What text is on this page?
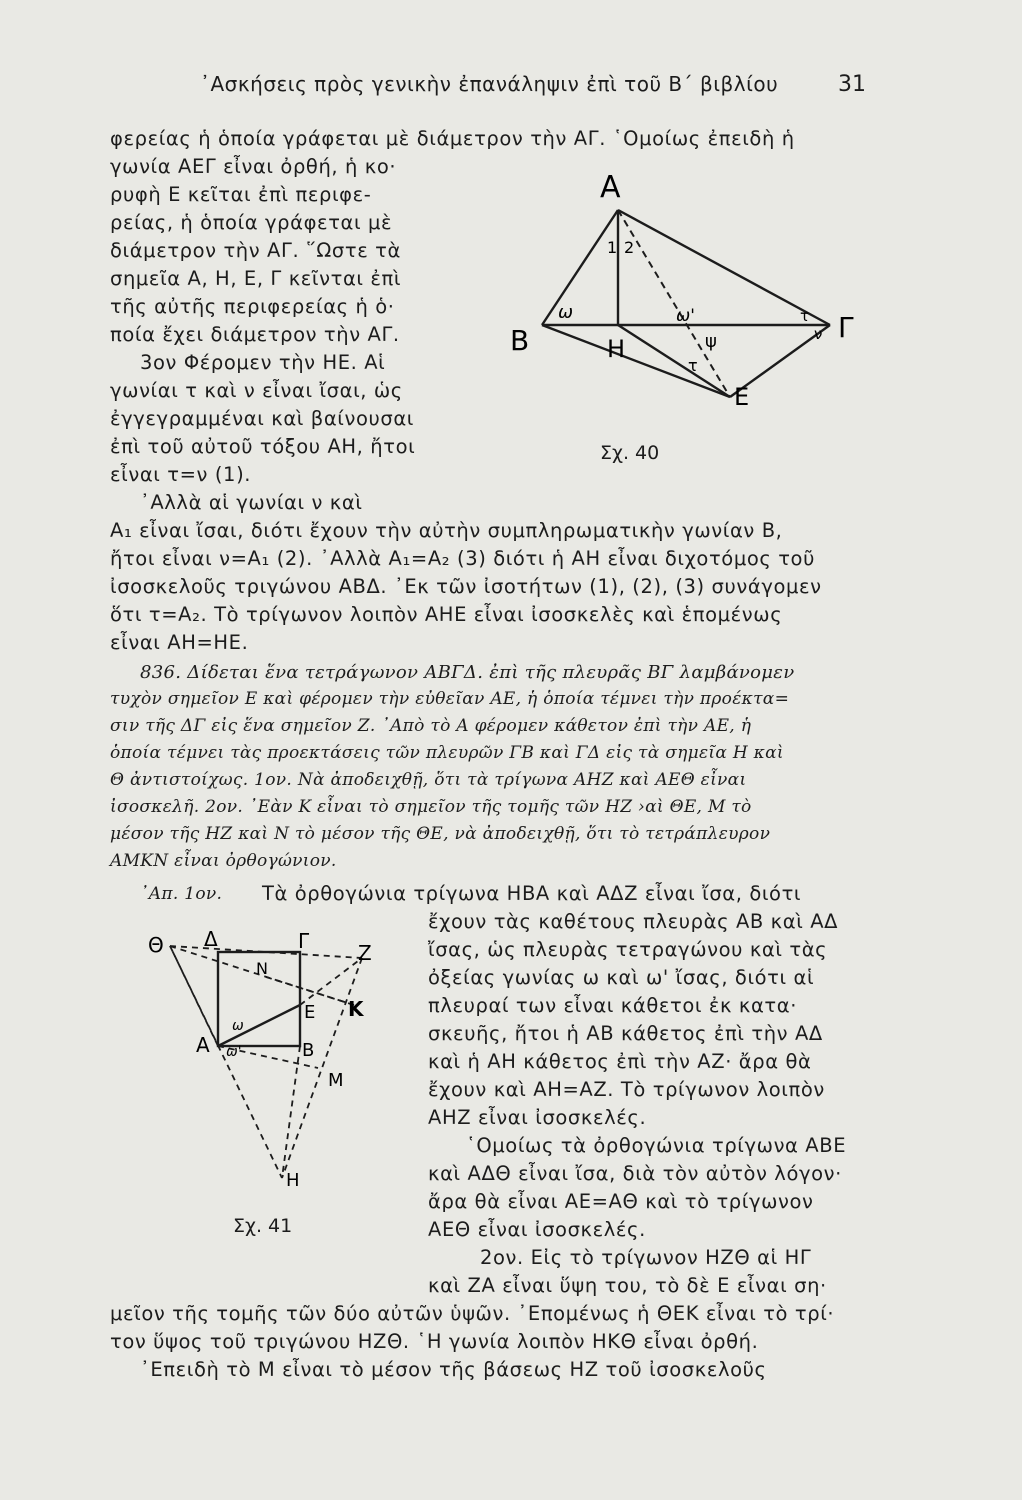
᾽Ασκήσεις πρὸς γενικὴν ἐπανάληψιν ἐπὶ τοῦ Β΄ βιβλίου	31
φερείας ἡ ὁποία γράφεται μὲ διάμετρον τὴν ΑΓ. ῾Ομοίως ἐπειδὴ ἡ
γωνία ΑΕΓ εἶναι ὀρθή, ἡ κο·
ρυφὴ Ε κεῖται ἐπὶ περιφε-
ρείας, ἡ ὁποία γράφεται μὲ
διάμετρον τὴν ΑΓ. ῞Ωστε τὰ
σημεῖα Α, Η, Ε, Γ κεῖνται ἐπὶ
τῆς αὐτῆς περιφερείας ἡ ὁ·
ποία ἔχει διάμετρον τὴν ΑΓ.
3ον Φέρομεν τὴν ΗΕ. Αἱ
γωνίαι τ καὶ ν εἶναι ἴσαι, ὡς
ἐγγεγραμμέναι καὶ βαίνουσαι
ἐπὶ τοῦ αὐτοῦ τόξου ΑΗ, ἤτοι
εἶναι τ=ν (1).
᾽Αλλὰ αἱ γωνίαι ν καὶ
Α₁ εἶναι ἴσαι, διότι ἔχουν τὴν αὐτὴν συμπληρωματικὴν γωνίαν Β,
ἤτοι εἶναι ν=Α₁ (2). ᾽Αλλὰ Α₁=Α₂ (3) διότι ἡ ΑΗ εἶναι διχοτόμος τοῦ
ἰσοσκελοῦς τριγώνου ΑΒΔ. ᾽Εκ τῶν ἰσοτήτων (1), (2), (3) συνάγομεν
ὅτι τ=Α₂. Τὸ τρίγωνον λοιπὸν ΑΗΕ εἶναι ἰσοσκελὲς καὶ ἑπομένως
εἶναι ΑΗ=ΗΕ.
Α
Β	Γ
Η
Ε
1 2
ω	ω'
ψ
τ
τ
ν
Σχ. 40
836. Δίδεται ἕνα τετράγωνον ΑΒΓΔ. ἐπὶ τῆς πλευρᾶς ΒΓ λαμβάνομεν
τυχὸν σημεῖον Ε καὶ φέρομεν τὴν εὐθεῖαν ΑΕ, ἡ ὁποία τέμνει τὴν προέκτα=
σιν τῆς ΔΓ εἰς ἕνα σημεῖον Ζ. ᾽Απὸ τὸ Α φέρομεν κάθετον ἐπὶ τὴν ΑΕ, ἡ
ὁποία τέμνει τὰς προεκτάσεις τῶν πλευρῶν ΓΒ καὶ ΓΔ εἰς τὰ σημεῖα Η καὶ
Θ ἀντιστοίχως. 1ον. Νὰ ἀποδειχθῇ, ὅτι τὰ τρίγωνα ΑΗΖ καὶ ΑΕΘ εἶναι
ἰσοσκελῆ. 2ον. ᾽Εὰν Κ εἶναι τὸ σημεῖον τῆς τομῆς τῶν ΗΖ ›αὶ ΘΕ, Μ τὸ
μέσον τῆς ΗΖ καὶ Ν τὸ μέσον τῆς ΘΕ, νὰ ἀποδειχθῇ, ὅτι τὸ τετράπλευρον
ΑΜΚΝ εἶναι ὀρθογώνιον.
᾽Απ. 1ον. Τὰ ὀρθογώνια τρίγωνα ΗΒΑ καὶ ΑΔΖ εἶναι ἴσα, διότι
ἔχουν τὰς καθέτους πλευρὰς ΑΒ καὶ ΑΔ
ἴσας, ὡς πλευρὰς τετραγώνου καὶ τὰς
ὀξείας γωνίας ω καὶ ω' ἴσας, διότι αἱ
πλευραί των εἶναι κάθετοι ἐκ κατα·
σκευῆς, ἤτοι ἡ ΑΒ κάθετος ἐπὶ τὴν ΑΔ
καὶ ἡ ΑΗ κάθετος ἐπὶ τὴν ΑΖ· ἄρα θὰ
ἔχουν καὶ ΑΗ=ΑΖ. Τὸ τρίγωνον λοιπὸν
ΑΗΖ εἶναι ἰσοσκελές.
῾Ομοίως τὰ ὀρθογώνια τρίγωνα ΑΒΕ
καὶ ΑΔΘ εἶναι ἴσα, διὰ τὸν αὐτὸν λόγον·
ἄρα θὰ εἶναι ΑΕ=ΑΘ καὶ τὸ τρίγωνον
ΑΕΘ εἶναι ἰσοσκελές.
2ον. Εἰς τὸ τρίγωνον ΗΖΘ αἱ ΗΓ
καὶ ΖΑ εἶναι ὕψη του, τὸ δὲ Ε εἶναι ση·
μεῖον τῆς τομῆς τῶν δύο αὐτῶν ὑψῶν. ᾽Επομένως ἡ ΘΕΚ εἶναι τὸ τρί·
τον ὕψος τοῦ τριγώνου ΗΖΘ. ῾Η γωνία λοιπὸν ΗΚΘ εἶναι ὀρθή.
᾽Επειδὴ τὸ Μ εἶναι τὸ μέσον τῆς βάσεως ΗΖ τοῦ ἰσοσκελοῦς
Θ Δ	Γ Ζ
Ν
Ε Κ
Α	Β
Μ
Η
ω
ω'
Σχ. 41
